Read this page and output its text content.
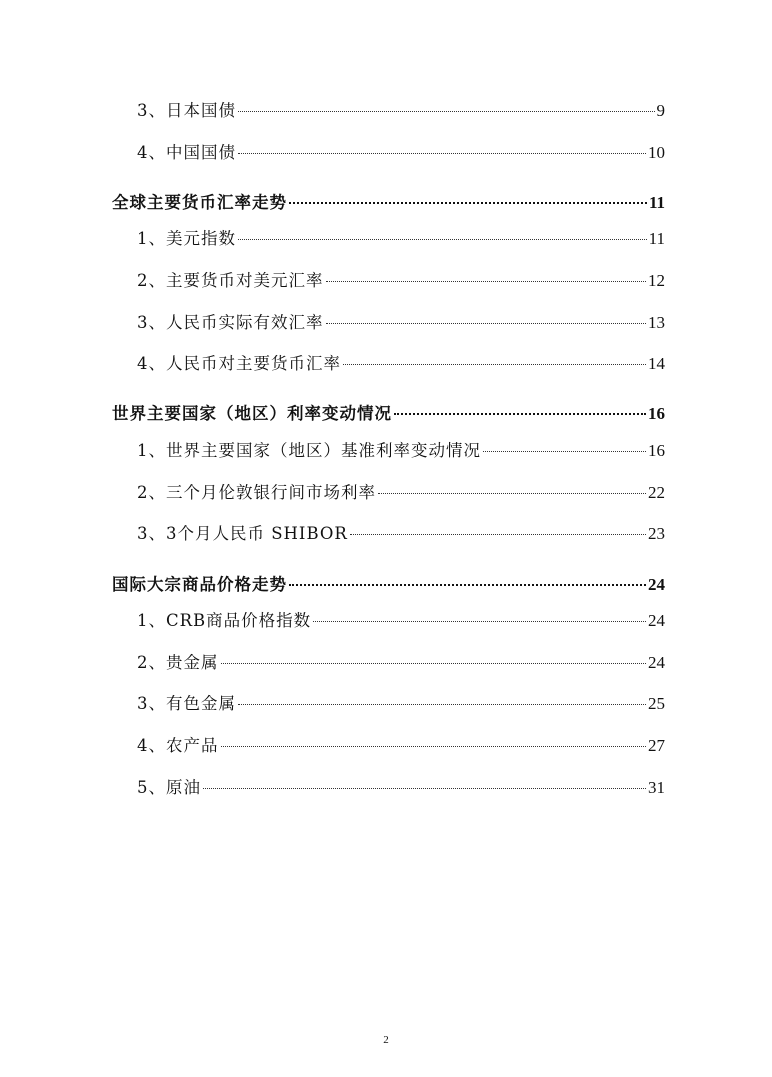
3、日本国债	9
4、中国国债	10
全球主要货币汇率走势	11
1、美元指数	11
2、主要货币对美元汇率	12
3、人民币实际有效汇率	13
4、人民币对主要货币汇率	14
世界主要国家（地区）利率变动情况	16
1、世界主要国家（地区）基准利率变动情况	16
2、三个月伦敦银行间市场利率	22
3、3个月人民币 SHIBOR	23
国际大宗商品价格走势	24
1、CRB商品价格指数	24
2、贵金属	24
3、有色金属	25
4、农产品	27
5、原油	31
2
